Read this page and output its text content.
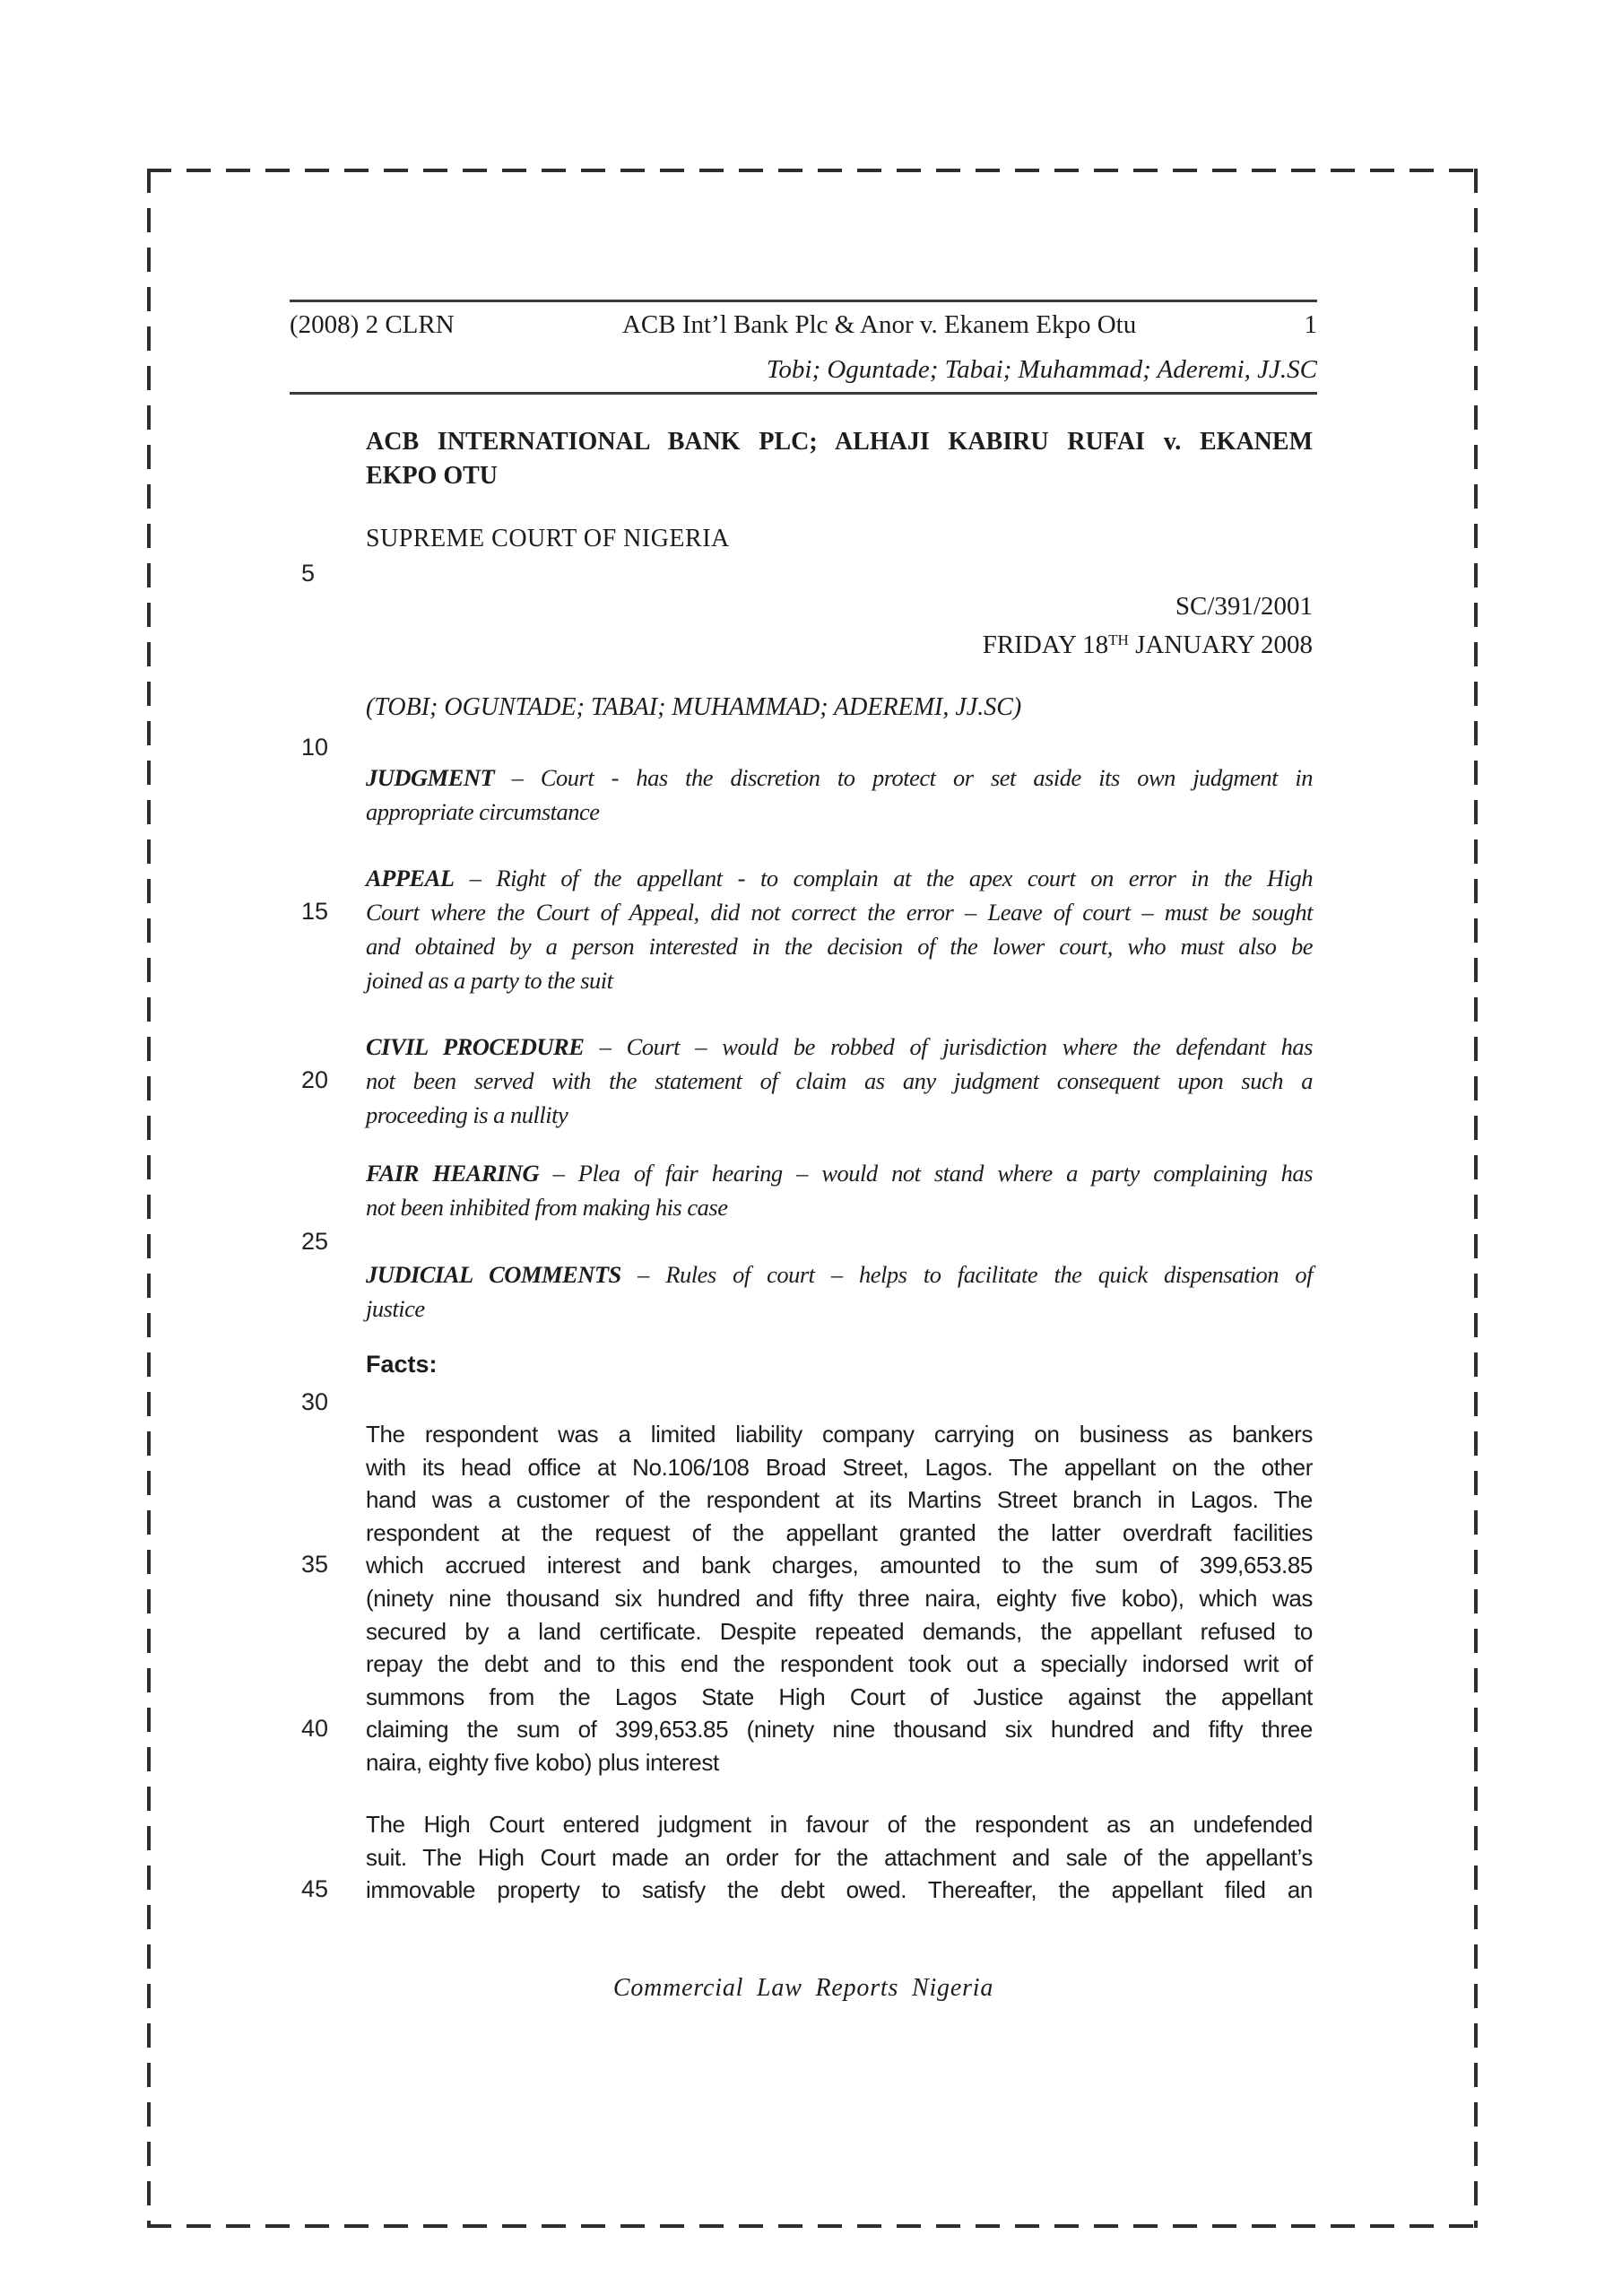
(2008) 2 CLRN	ACB Int’l Bank Plc & Anor v. Ekanem Ekpo Otu	1
Tobi; Oguntade; Tabai; Muhammad; Aderemi, JJ.SC
ACB INTERNATIONAL BANK PLC; ALHAJI KABIRU RUFAI v. EKANEM
EKPO OTU
SUPREME COURT OF NIGERIA
SC/391/2001
FRIDAY 18TH JANUARY 2008
(TOBI; OGUNTADE; TABAI; MUHAMMAD; ADEREMI, JJ.SC)
JUDGMENT – Court - has the discretion to protect or set aside its own judgment in
appropriate circumstance
APPEAL – Right of the appellant - to complain at the apex court on error in the High
Court where the Court of Appeal, did not correct the error – Leave of court – must be sought
and obtained by a person interested in the decision of the lower court, who must also be
joined as a party to the suit
CIVIL PROCEDURE – Court – would be robbed of jurisdiction where the defendant has
not been served with the statement of claim as any judgment consequent upon such a
proceeding is a nullity
FAIR HEARING – Plea of fair hearing – would not stand where a party complaining has
not been inhibited from making his case
JUDICIAL COMMENTS – Rules of court – helps to facilitate the quick dispensation of
justice
Facts:
The respondent was a limited liability company carrying on business as bankers
with its head office at No.106/108 Broad Street, Lagos. The appellant on the other
hand was a customer of the respondent at its Martins Street branch in Lagos. The
respondent at the request of the appellant granted the latter overdraft facilities
which accrued interest and bank charges, amounted to the sum of 399,653.85
(ninety nine thousand six hundred and fifty three naira, eighty five kobo), which was
secured by a land certificate. Despite repeated demands, the appellant refused to
repay the debt and to this end the respondent took out a specially indorsed writ of
summons from the Lagos State High Court of Justice against the appellant
claiming the sum of 399,653.85 (ninety nine thousand six hundred and fifty three
naira, eighty five kobo) plus interest
The High Court entered judgment in favour of the respondent as an undefended
suit. The High Court made an order for the attachment and sale of the appellant’s
immovable property to satisfy the debt owed. Thereafter, the appellant filed an
5
10
15
20
25
30
35
40
45
Commercial Law Reports Nigeria
